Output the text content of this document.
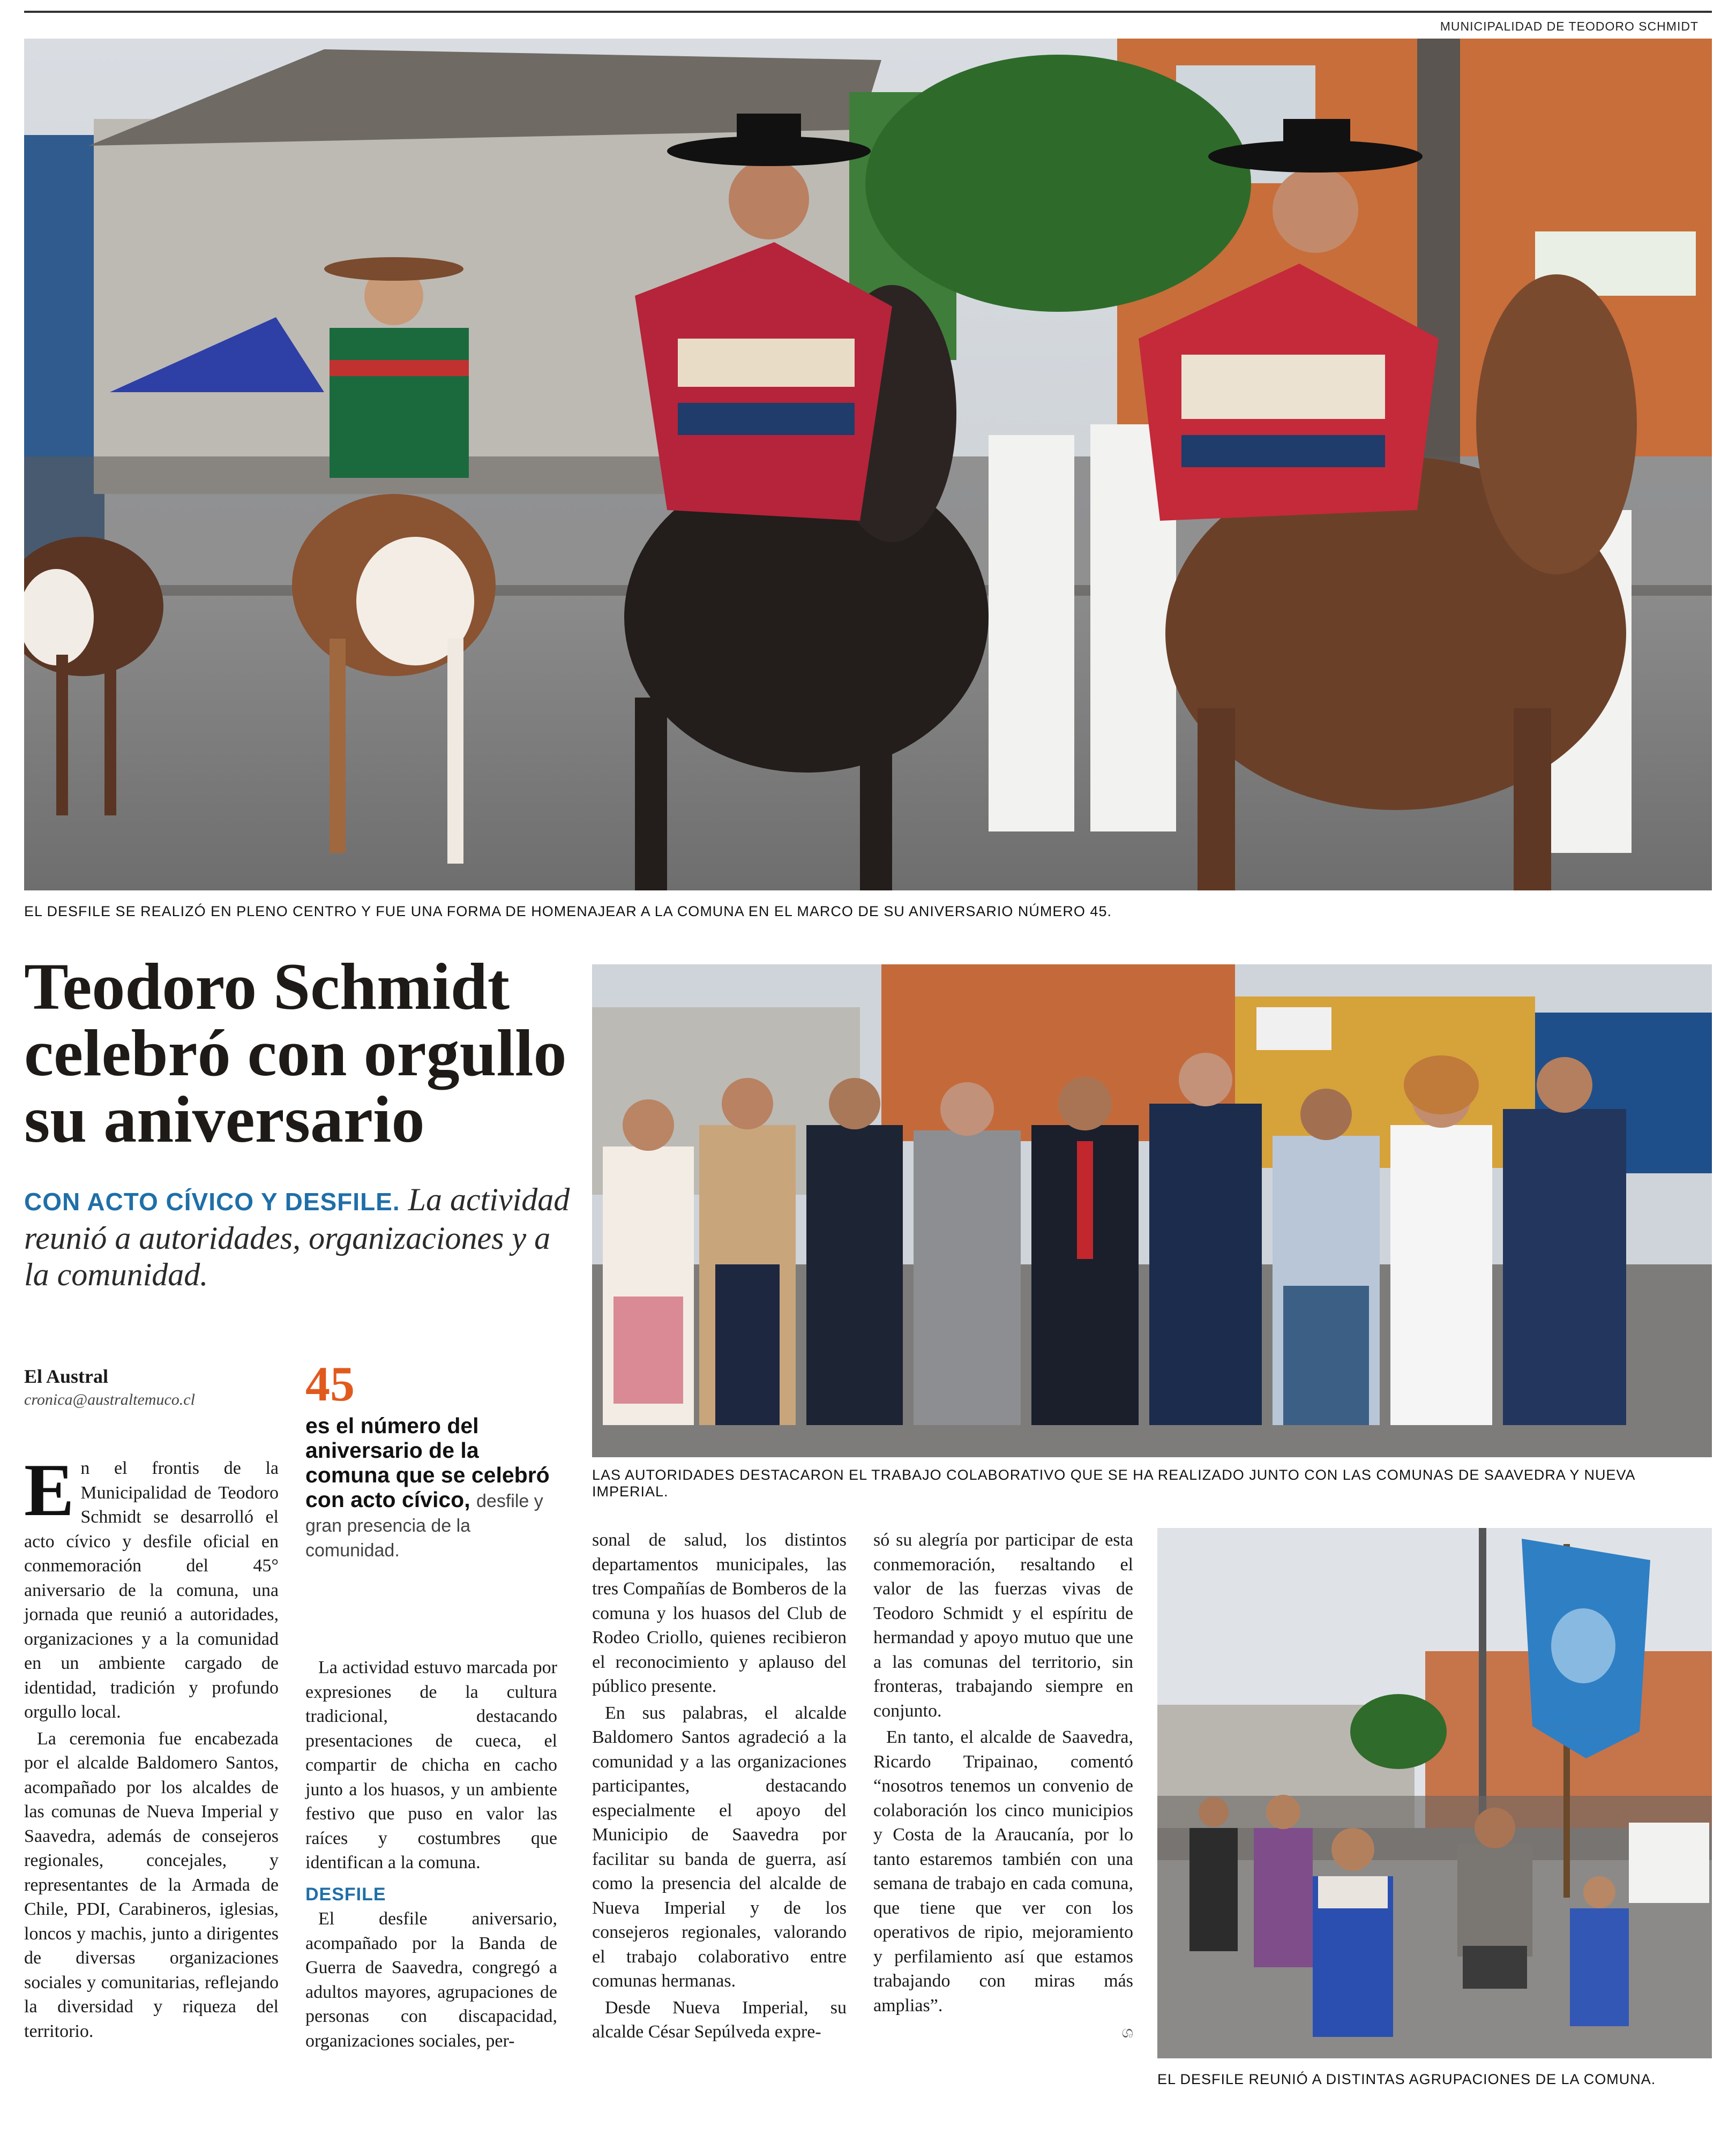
MUNICIPALIDAD DE TEODORO SCHMIDT
EL DESFILE SE REALIZÓ EN PLENO CENTRO Y FUE UNA FORMA DE HOMENAJEAR A LA COMUNA EN EL MARCO DE SU ANIVERSARIO NÚMERO 45.
Teodoro Schmidt celebró con orgullo su aniversario
CON ACTO CÍVICO Y DESFILE. La actividad reunió a autoridades, organizaciones y a la comunidad.
El Austral
cronica@australtemuco.cl
LAS AUTORIDADES DESTACARON EL TRABAJO COLABORATIVO QUE SE HA REALIZADO JUNTO CON LAS COMUNAS DE SAAVEDRA Y NUEVA IMPERIAL.
45
es el número del aniversario de la comuna que se celebró con acto cívico, desfile y gran presencia de la comunidad.

En el frontis de la Municipalidad de Teodoro Schmidt se desarrolló el acto cívico y desfile oficial en conmemoración del 45° aniversario de la comuna, una jornada que reunió a autoridades, organizaciones y a la comunidad en un ambiente cargado de identidad, tradición y profundo orgullo local.

La ceremonia fue encabezada por el alcalde Baldomero Santos, acompañado por los alcaldes de las comunas de Nueva Imperial y Saavedra, además de consejeros regionales, concejales, y representantes de la Armada de Chile, PDI, Carabineros, iglesias, loncos y machis, junto a dirigentes de diversas organizaciones sociales y comunitarias, reflejando la diversidad y riqueza del territorio.

La actividad estuvo marcada por expresiones de la cultura tradicional, destacando presentaciones de cueca, el compartir de chicha en cacho junto a los huasos, y un ambiente festivo que puso en valor las raíces y costumbres que identifican a la comuna.

DESFILE

El desfile aniversario, acompañado por la Banda de Guerra de Saavedra, congregó a adultos mayores, agrupaciones de personas con discapacidad, organizaciones sociales, per-

sonal de salud, los distintos departamentos municipales, las tres Compañías de Bomberos de la comuna y los huasos del Club de Rodeo Criollo, quienes recibieron el reconocimiento y aplauso del público presente.

En sus palabras, el alcalde Baldomero Santos agradeció a la comunidad y a las organizaciones participantes, destacando especialmente el apoyo del Municipio de Saavedra por facilitar su banda de guerra, así como la presencia del alcalde de Nueva Imperial y de los consejeros regionales, valorando el trabajo colaborativo entre comunas hermanas.

Desde Nueva Imperial, su alcalde César Sepúlveda expre-

só su alegría por participar de esta conmemoración, resaltando el valor de las fuerzas vivas de Teodoro Schmidt y el espíritu de hermandad y apoyo mutuo que une a las comunas del territorio, sin fronteras, trabajando siempre en conjunto.

En tanto, el alcalde de Saavedra, Ricardo Tripainao, comentó “nosotros tenemos un convenio de colaboración los cinco municipios y Costa de la Araucanía, por lo tanto estaremos también con una semana de trabajo en cada comuna, que tiene que ver con los operativos de ripio, mejoramiento y perfilamiento así que estamos trabajando con miras más amplias”.

ශ
EL DESFILE REUNIÓ A DISTINTAS AGRUPACIONES DE LA COMUNA.
